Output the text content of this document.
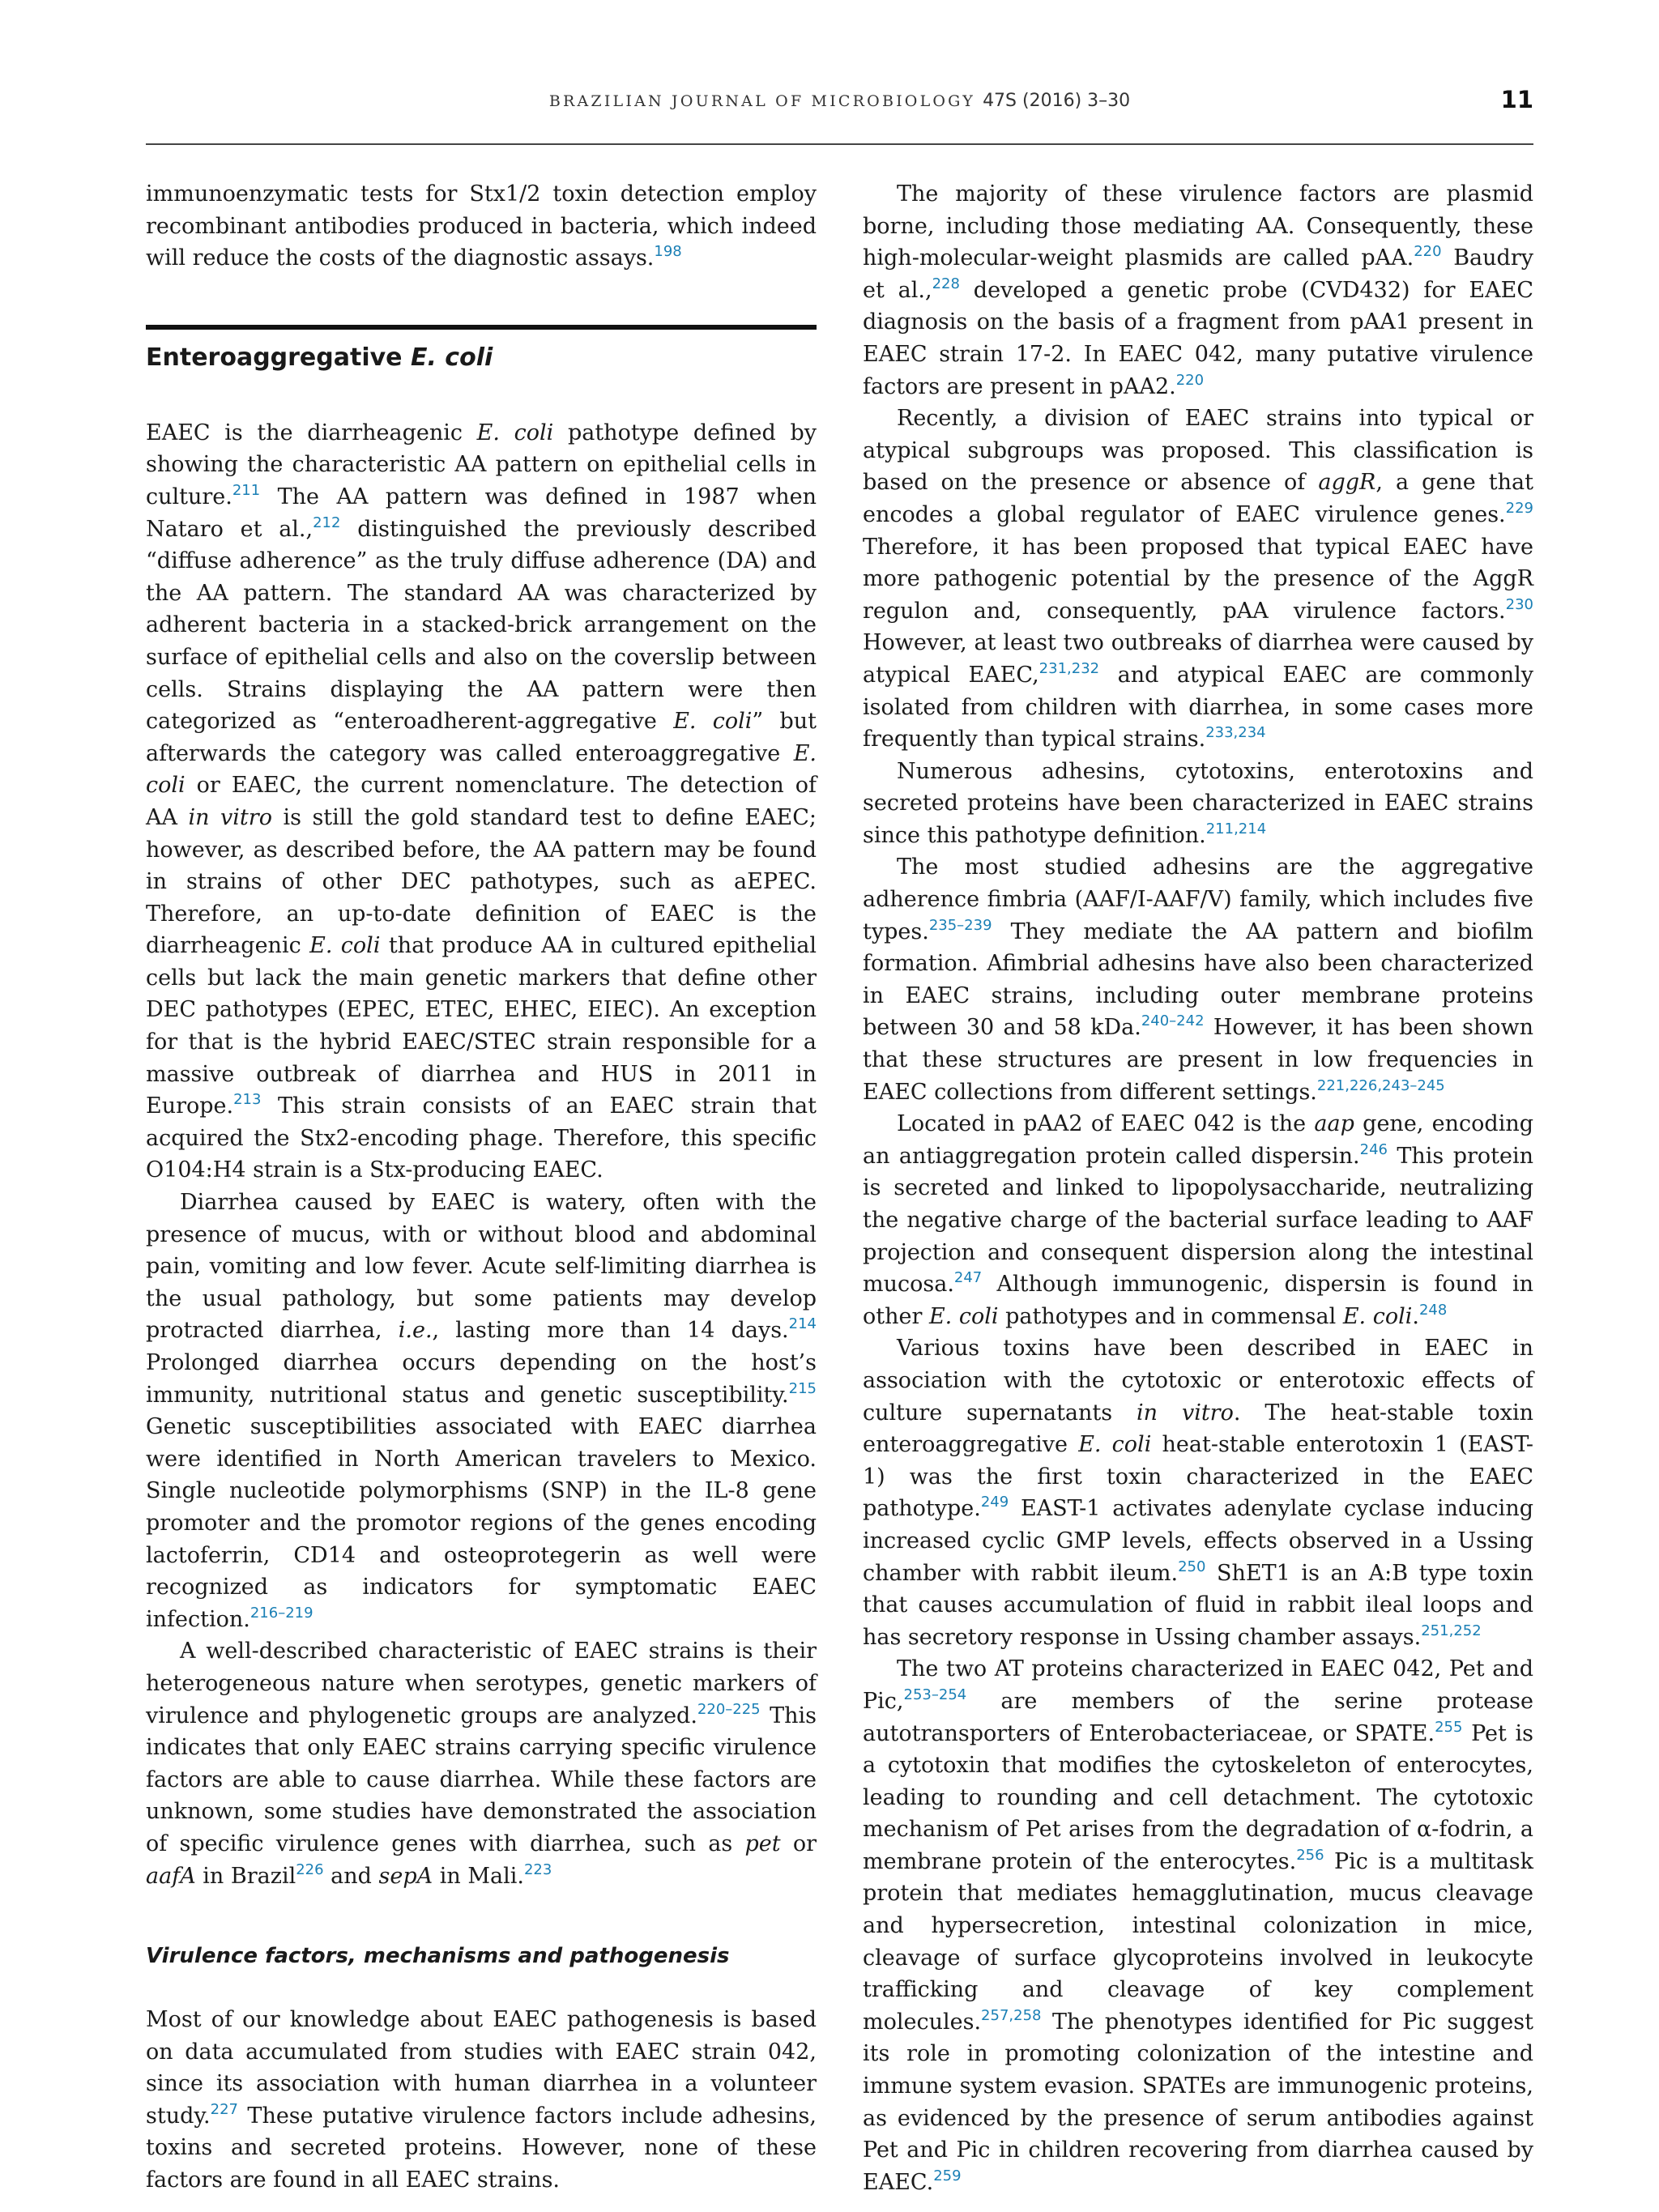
BRAZILIAN JOURNAL OF MICROBIOLOGY 47S (2016) 3–30	11

immunoenzymatic tests for Stx1/2 toxin detection employ recombinant antibodies produced in bacteria, which indeed will reduce the costs of the diagnostic assays.$^{198}$

Enteroaggregative E. coli

EAEC is the diarrheagenic E. coli pathotype defined by showing the characteristic AA pattern on epithelial cells in culture.$^{211}$ The AA pattern was defined in 1987 when Nataro et al.,$^{212}$ distinguished the previously described “diffuse adherence” as the truly diffuse adherence (DA) and the AA pattern. The standard AA was characterized by adherent bacteria in a stacked-brick arrangement on the surface of epithelial cells and also on the coverslip between cells. Strains displaying the AA pattern were then categorized as “enteroadherent-aggregative E. coli” but afterwards the category was called enteroaggregative E. coli or EAEC, the current nomenclature. The detection of AA in vitro is still the gold standard test to define EAEC; however, as described before, the AA pattern may be found in strains of other DEC pathotypes, such as aEPEC. Therefore, an up-to-date definition of EAEC is the diarrheagenic E. coli that produce AA in cultured epithelial cells but lack the main genetic markers that define other DEC pathotypes (EPEC, ETEC, EHEC, EIEC). An exception for that is the hybrid EAEC/STEC strain responsible for a massive outbreak of diarrhea and HUS in 2011 in Europe.$^{213}$ This strain consists of an EAEC strain that acquired the Stx2-encoding phage. Therefore, this specific O104:H4 strain is a Stx-producing EAEC.

Diarrhea caused by EAEC is watery, often with the presence of mucus, with or without blood and abdominal pain, vomiting and low fever. Acute self-limiting diarrhea is the usual pathology, but some patients may develop protracted diarrhea, i.e., lasting more than 14 days.$^{214}$ Prolonged diarrhea occurs depending on the host’s immunity, nutritional status and genetic susceptibility.$^{215}$ Genetic susceptibilities associated with EAEC diarrhea were identified in North American travelers to Mexico. Single nucleotide polymorphisms (SNP) in the IL-8 gene promoter and the promotor regions of the genes encoding lactoferrin, CD14 and osteoprotegerin as well were recognized as indicators for symptomatic EAEC infection.$^{216-219}$

A well-described characteristic of EAEC strains is their heterogeneous nature when serotypes, genetic markers of virulence and phylogenetic groups are analyzed.$^{220-225}$ This indicates that only EAEC strains carrying specific virulence factors are able to cause diarrhea. While these factors are unknown, some studies have demonstrated the association of specific virulence genes with diarrhea, such as pet or aafA in Brazil$^{226}$ and sepA in Mali.$^{223}$

Virulence factors, mechanisms and pathogenesis

Most of our knowledge about EAEC pathogenesis is based on data accumulated from studies with EAEC strain 042, since its association with human diarrhea in a volunteer study.$^{227}$ These putative virulence factors include adhesins, toxins and secreted proteins. However, none of these factors are found in all EAEC strains.

The majority of these virulence factors are plasmid borne, including those mediating AA. Consequently, these high-molecular-weight plasmids are called pAA.$^{220}$ Baudry et al.,$^{228}$ developed a genetic probe (CVD432) for EAEC diagnosis on the basis of a fragment from pAA1 present in EAEC strain 17-2. In EAEC 042, many putative virulence factors are present in pAA2.$^{220}$

Recently, a division of EAEC strains into typical or atypical subgroups was proposed. This classification is based on the presence or absence of aggR, a gene that encodes a global regulator of EAEC virulence genes.$^{229}$ Therefore, it has been proposed that typical EAEC have more pathogenic potential by the presence of the AggR regulon and, consequently, pAA virulence factors.$^{230}$ However, at least two outbreaks of diarrhea were caused by atypical EAEC,$^{231,232}$ and atypical EAEC are commonly isolated from children with diarrhea, in some cases more frequently than typical strains.$^{233,234}$

Numerous adhesins, cytotoxins, enterotoxins and secreted proteins have been characterized in EAEC strains since this pathotype definition.$^{211,214}$

The most studied adhesins are the aggregative adherence fimbria (AAF/I-AAF/V) family, which includes five types.$^{235-239}$ They mediate the AA pattern and biofilm formation. Afimbrial adhesins have also been characterized in EAEC strains, including outer membrane proteins between 30 and 58 kDa.$^{240-242}$ However, it has been shown that these structures are present in low frequencies in EAEC collections from different settings.$^{221,226,243-245}$

Located in pAA2 of EAEC 042 is the aap gene, encoding an antiaggregation protein called dispersin.$^{246}$ This protein is secreted and linked to lipopolysaccharide, neutralizing the negative charge of the bacterial surface leading to AAF projection and consequent dispersion along the intestinal mucosa.$^{247}$ Although immunogenic, dispersin is found in other E. coli pathotypes and in commensal E. coli.$^{248}$

Various toxins have been described in EAEC in association with the cytotoxic or enterotoxic effects of culture supernatants in vitro. The heat-stable toxin enteroaggregative E. coli heat-stable enterotoxin 1 (EAST-1) was the first toxin characterized in the EAEC pathotype.$^{249}$ EAST-1 activates adenylate cyclase inducing increased cyclic GMP levels, effects observed in a Ussing chamber with rabbit ileum.$^{250}$ ShET1 is an A:B type toxin that causes accumulation of fluid in rabbit ileal loops and has secretory response in Ussing chamber assays.$^{251,252}$

The two AT proteins characterized in EAEC 042, Pet and Pic,$^{253-254}$ are members of the serine protease autotransporters of Enterobacteriaceae, or SPATE.$^{255}$ Pet is a cytotoxin that modifies the cytoskeleton of enterocytes, leading to rounding and cell detachment. The cytotoxic mechanism of Pet arises from the degradation of α-fodrin, a membrane protein of the enterocytes.$^{256}$ Pic is a multitask protein that mediates hemagglutination, mucus cleavage and hypersecretion, intestinal colonization in mice, cleavage of surface glycoproteins involved in leukocyte trafficking and cleavage of key complement molecules.$^{257,258}$ The phenotypes identified for Pic suggest its role in promoting colonization of the intestine and immune system evasion. SPATEs are immunogenic proteins, as evidenced by the presence of serum antibodies against Pet and Pic in children recovering from diarrhea caused by EAEC.$^{259}$
